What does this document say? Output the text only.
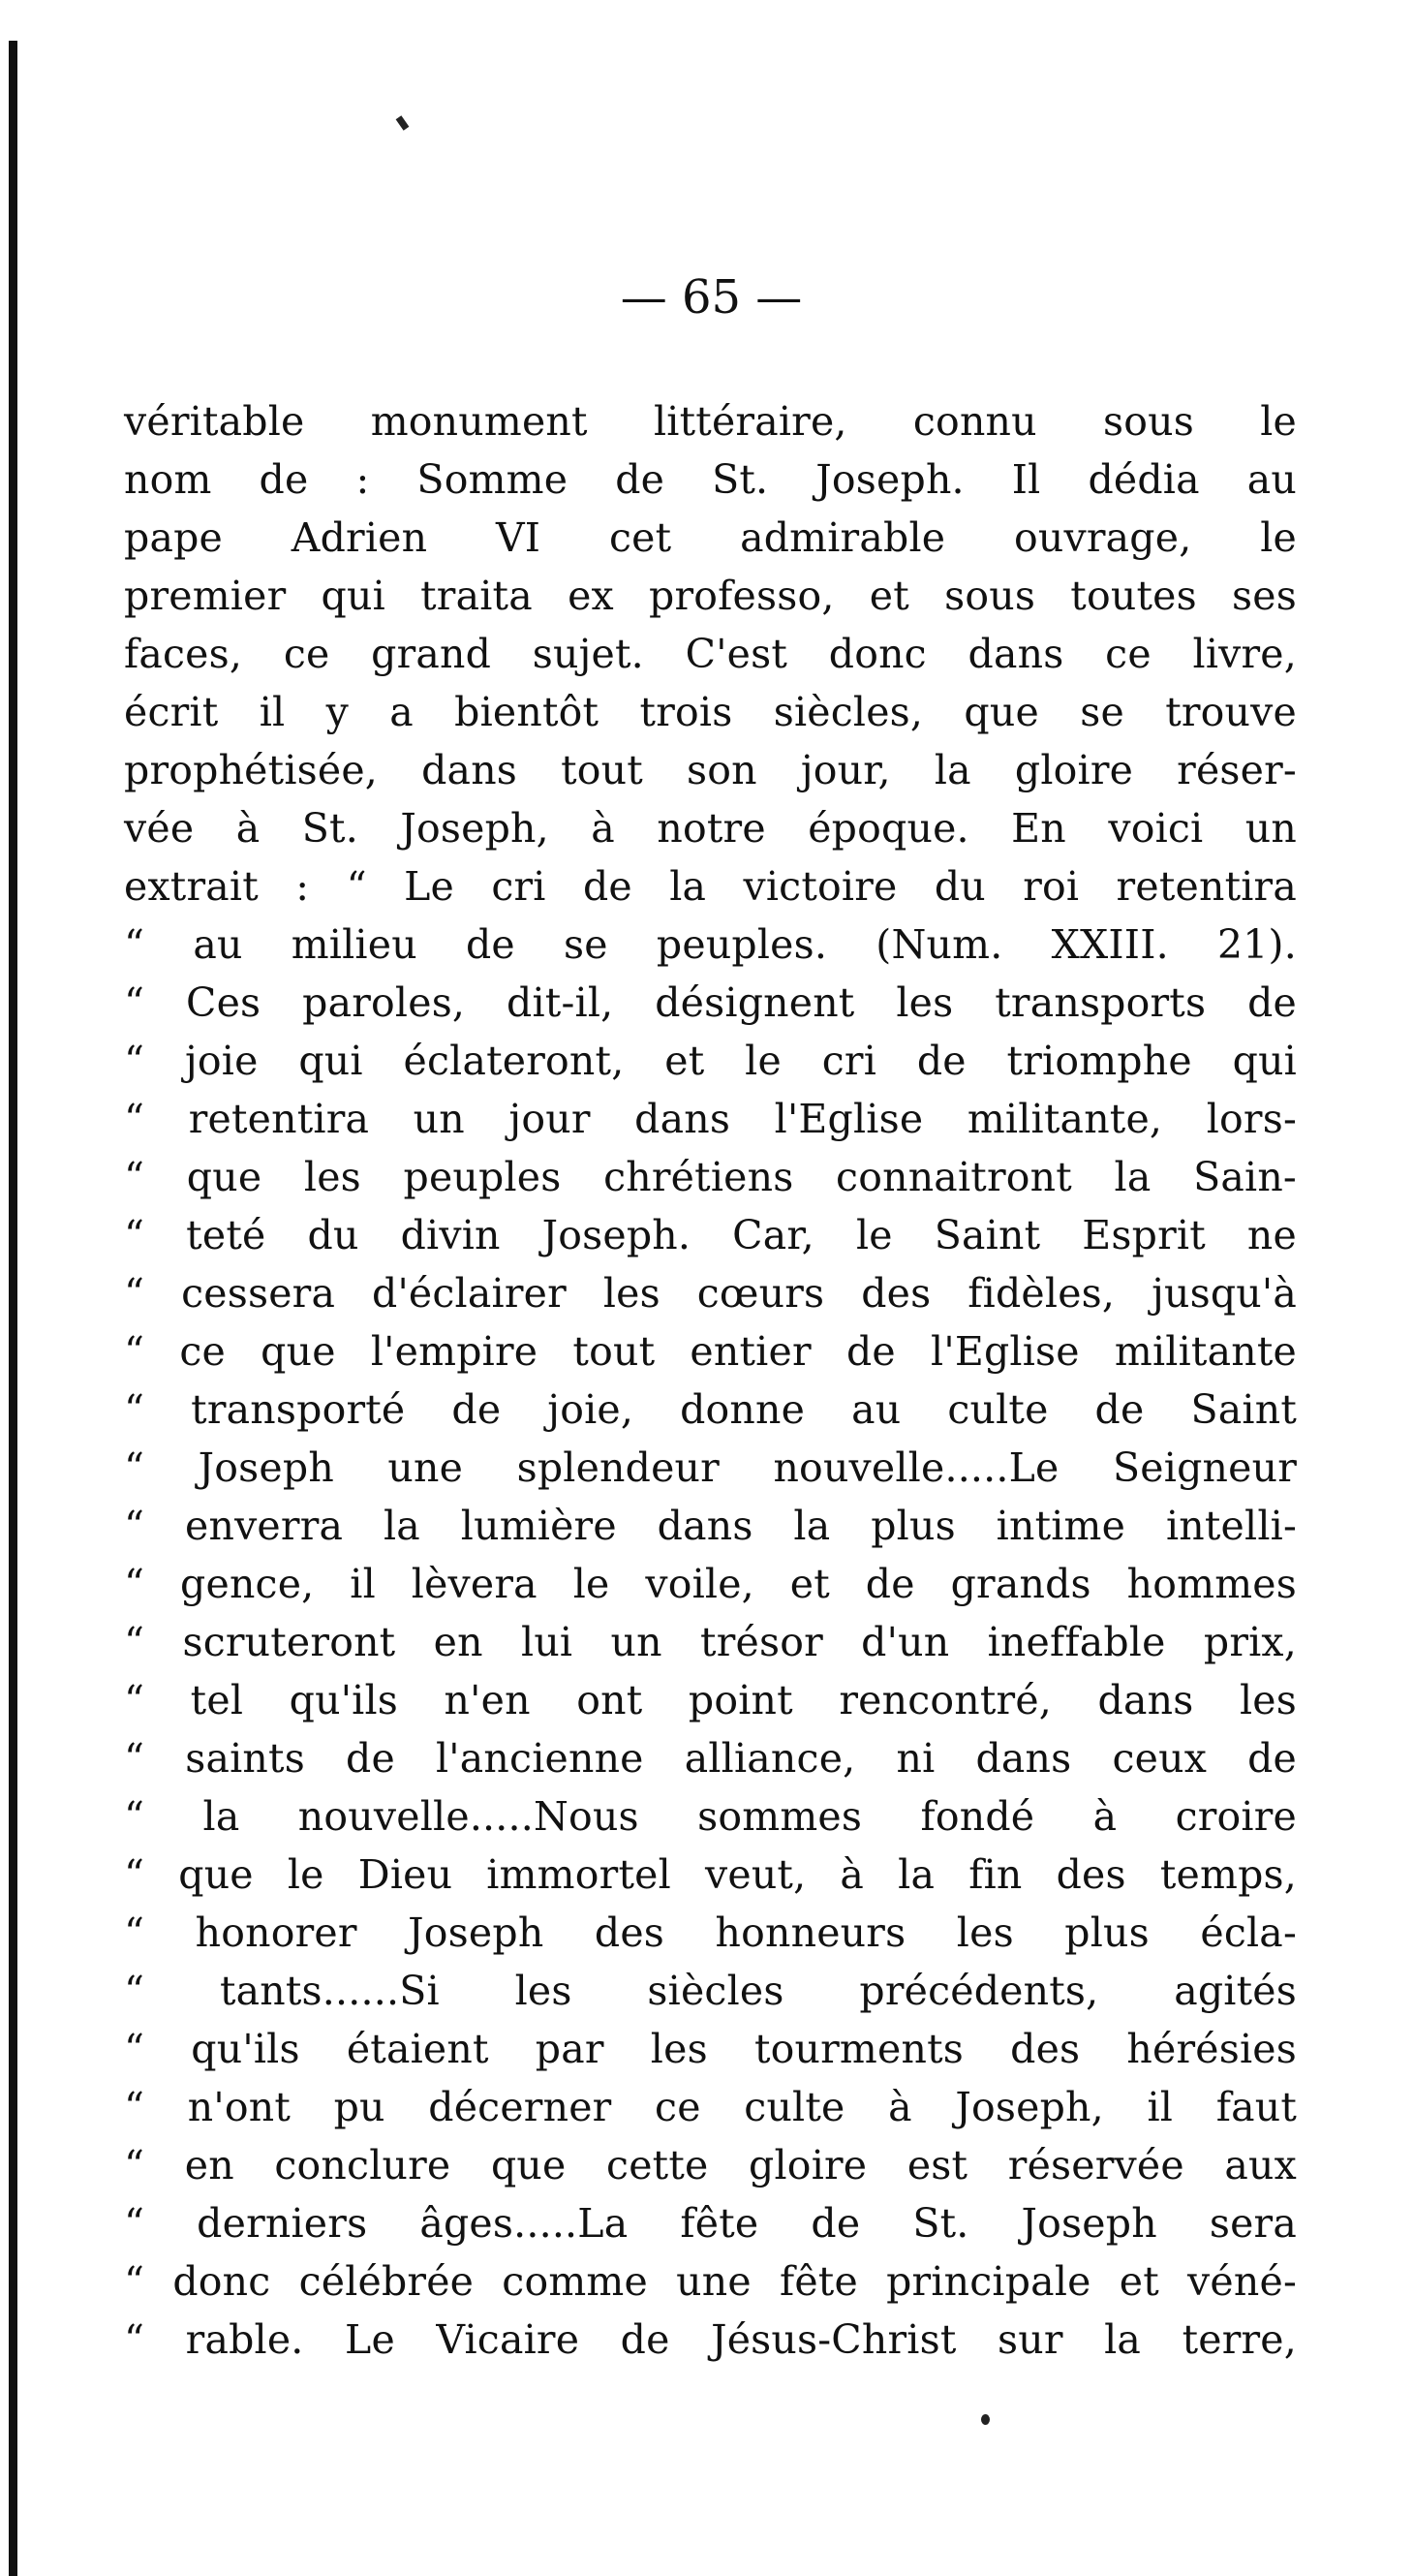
— 65 —
véritable monument littéraire, connu sous le
nom de : Somme de St. Joseph. Il dédia au
pape Adrien VI cet admirable ouvrage, le
premier qui traita ex professo, et sous toutes ses
faces, ce grand sujet. C'est donc dans ce livre,
écrit il y a bientôt trois siècles, que se trouve
prophétisée, dans tout son jour, la gloire réser-
vée à St. Joseph, à notre époque. En voici un
extrait : “ Le cri de la victoire du roi retentira
“ au milieu de se peuples. (Num. XXIII. 21).
“ Ces paroles, dit-il, désignent les transports de
“ joie qui éclateront, et le cri de triomphe qui
“ retentira un jour dans l'Eglise militante, lors-
“ que les peuples chrétiens connaitront la Sain-
“ teté du divin Joseph. Car, le Saint Esprit ne
“ cessera d'éclairer les cœurs des fidèles, jusqu'à
“ ce que l'empire tout entier de l'Eglise militante
“ transporté de joie, donne au culte de Saint
“ Joseph une splendeur nouvelle.....Le Seigneur
“ enverra la lumière dans la plus intime intelli-
“ gence, il lèvera le voile, et de grands hommes
“ scruteront en lui un trésor d'un ineffable prix,
“ tel qu'ils n'en ont point rencontré, dans les
“ saints de l'ancienne alliance, ni dans ceux de
“ la nouvelle.....Nous sommes fondé à croire
“ que le Dieu immortel veut, à la fin des temps,
“ honorer Joseph des honneurs les plus écla-
“ tants......Si les siècles précédents, agités
“ qu'ils étaient par les tourments des hérésies
“ n'ont pu décerner ce culte à Joseph, il faut
“ en conclure que cette gloire est réservée aux
“ derniers âges.....La fête de St. Joseph sera
“ donc célébrée comme une fête principale et véné-
“ rable. Le Vicaire de Jésus-Christ sur la terre,
